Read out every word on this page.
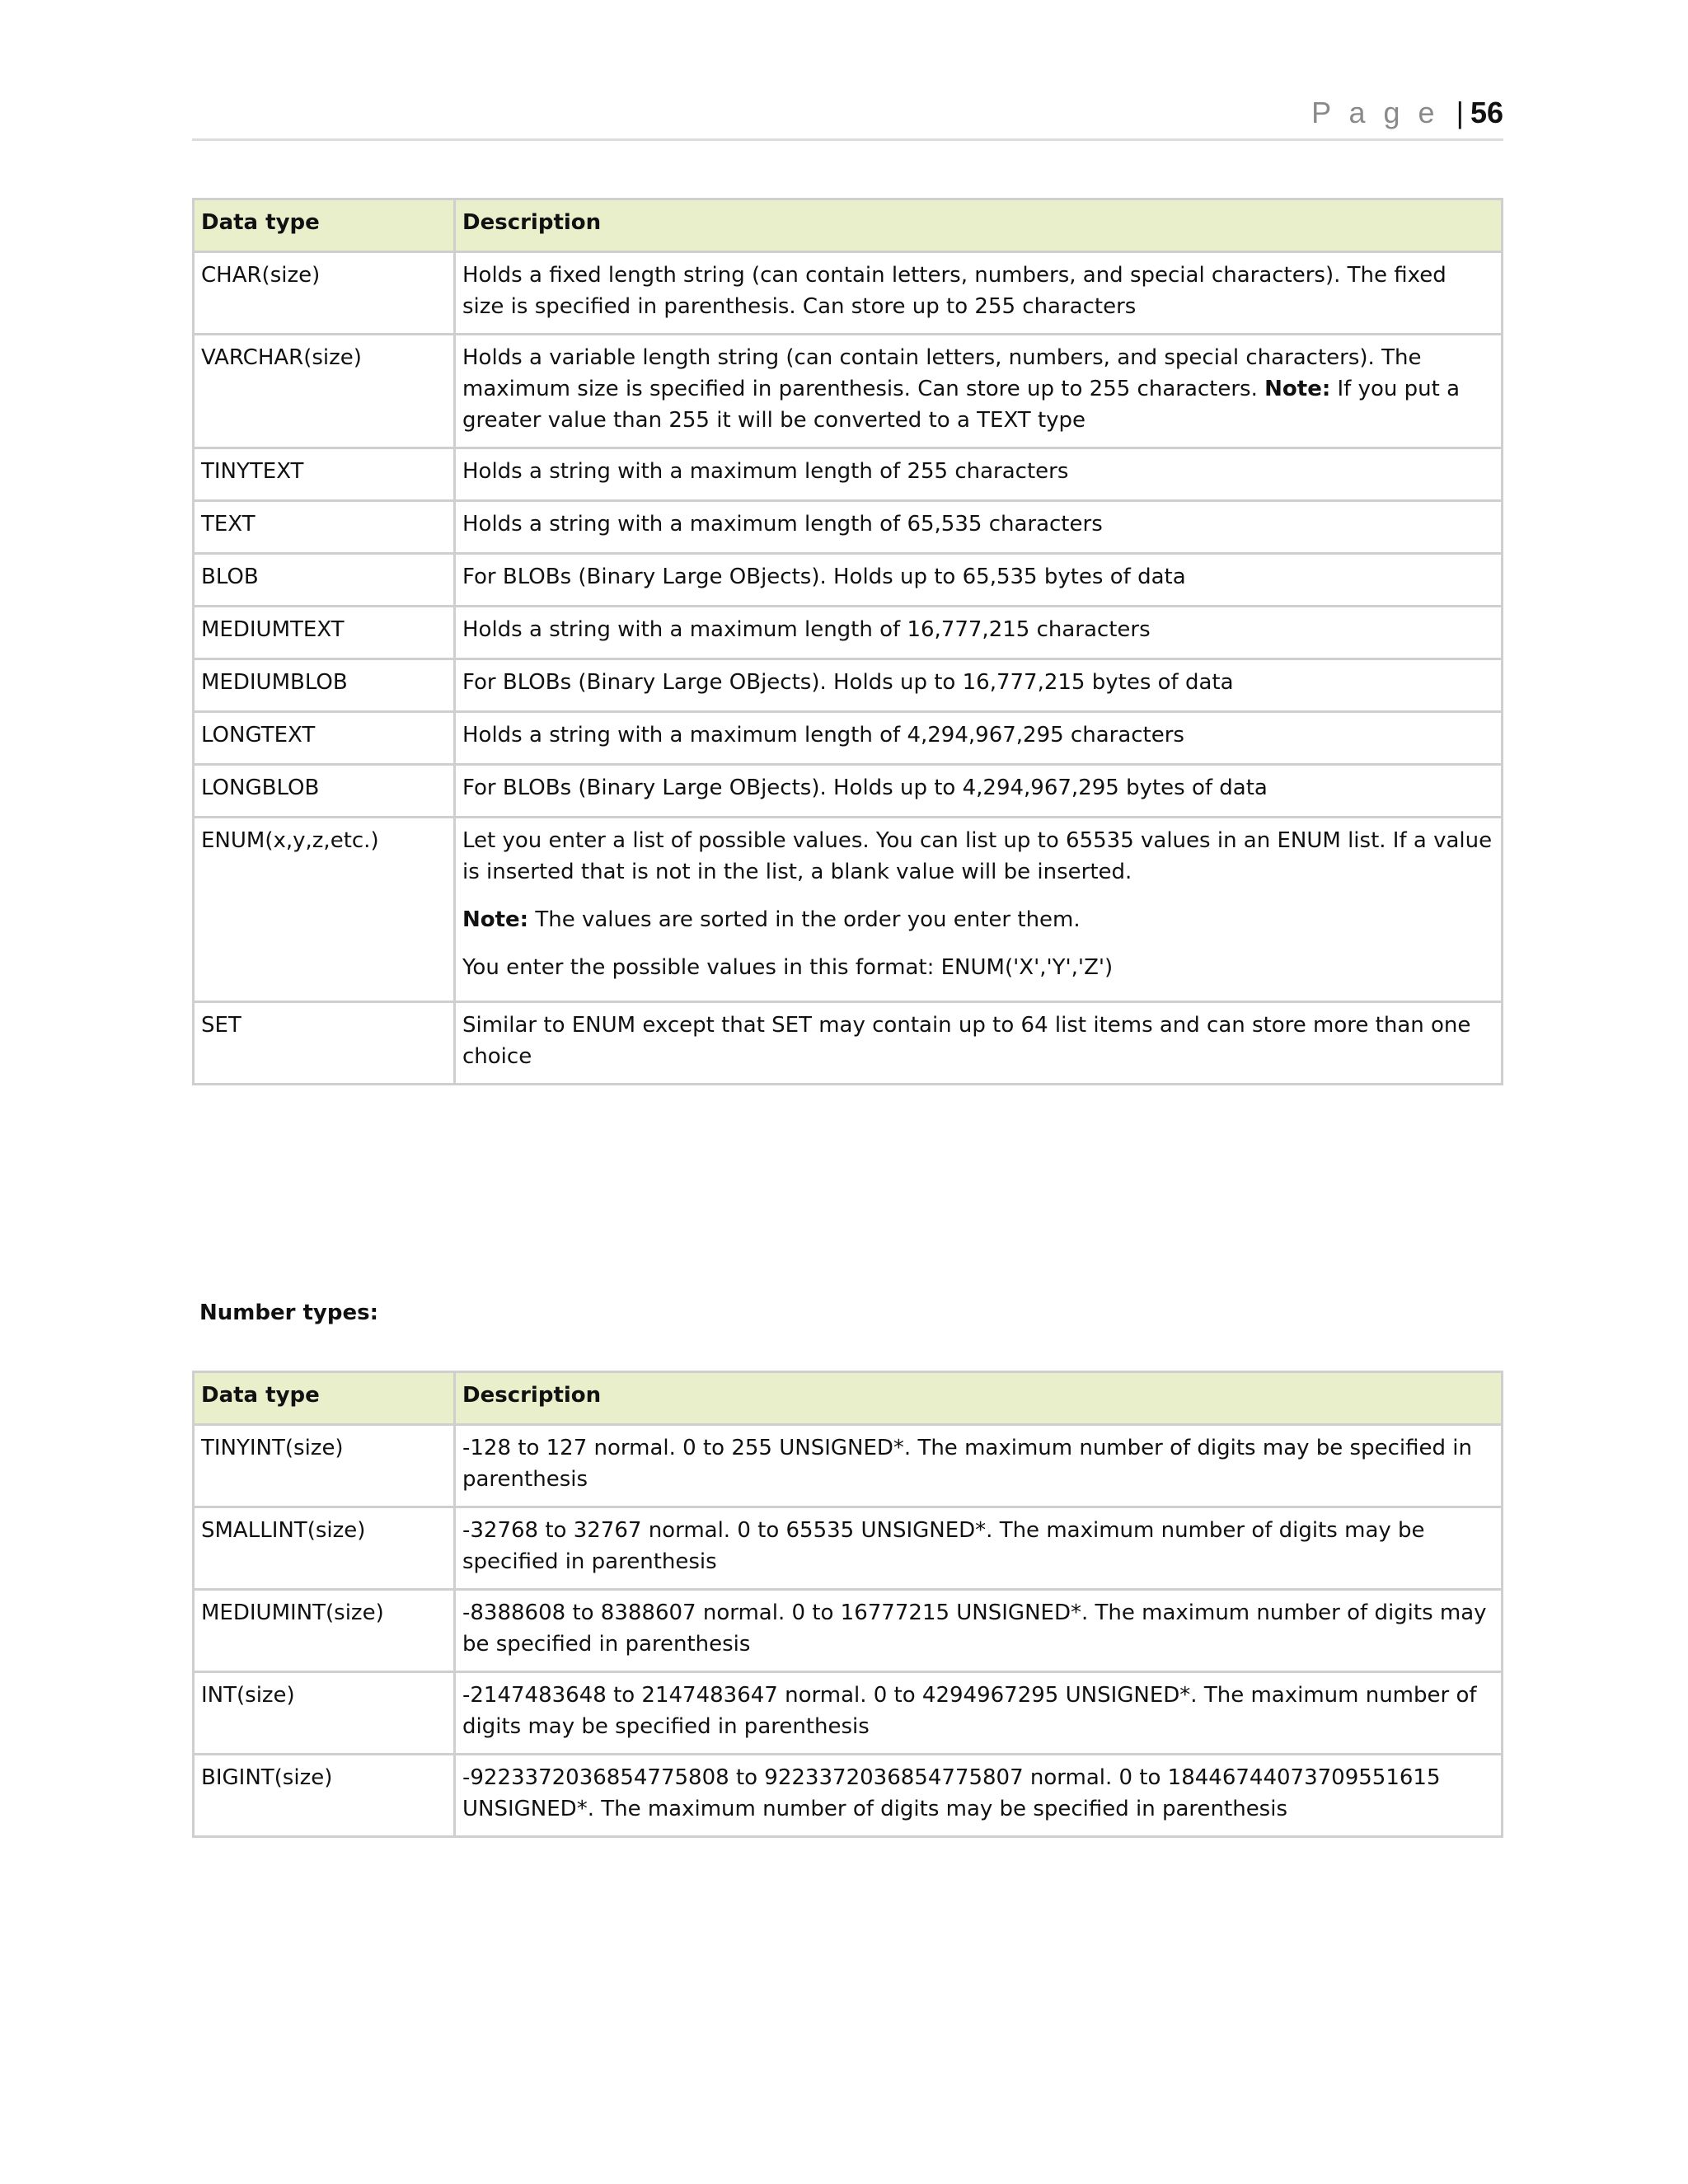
P a g e | 56
Data type	Description
CHAR(size)	Holds a fixed length string (can contain letters, numbers, and special characters). The fixed size is specified in parenthesis. Can store up to 255 characters
VARCHAR(size)	Holds a variable length string (can contain letters, numbers, and special characters). The maximum size is specified in parenthesis. Can store up to 255 characters. Note: If you put a greater value than 255 it will be converted to a TEXT type
TINYTEXT	Holds a string with a maximum length of 255 characters
TEXT	Holds a string with a maximum length of 65,535 characters
BLOB	For BLOBs (Binary Large OBjects). Holds up to 65,535 bytes of data
MEDIUMTEXT	Holds a string with a maximum length of 16,777,215 characters
MEDIUMBLOB	For BLOBs (Binary Large OBjects). Holds up to 16,777,215 bytes of data
LONGTEXT	Holds a string with a maximum length of 4,294,967,295 characters
LONGBLOB	For BLOBs (Binary Large OBjects). Holds up to 4,294,967,295 bytes of data
ENUM(x,y,z,etc.)	Let you enter a list of possible values. You can list up to 65535 values in an ENUM list. If a value is inserted that is not in the list, a blank value will be inserted.

Note: The values are sorted in the order you enter them.

You enter the possible values in this format: ENUM('X','Y','Z')

SET	Similar to ENUM except that SET may contain up to 64 list items and can store more than one choice
Number types:
Data type	Description
TINYINT(size)	-128 to 127 normal. 0 to 255 UNSIGNED*. The maximum number of digits may be specified in parenthesis
SMALLINT(size)	-32768 to 32767 normal. 0 to 65535 UNSIGNED*. The maximum number of digits may be specified in parenthesis
MEDIUMINT(size)	-8388608 to 8388607 normal. 0 to 16777215 UNSIGNED*. The maximum number of digits may be specified in parenthesis
INT(size)	-2147483648 to 2147483647 normal. 0 to 4294967295 UNSIGNED*. The maximum number of digits may be specified in parenthesis
BIGINT(size)	-9223372036854775808 to 9223372036854775807 normal. 0 to 18446744073709551615 UNSIGNED*. The maximum number of digits may be specified in parenthesis
